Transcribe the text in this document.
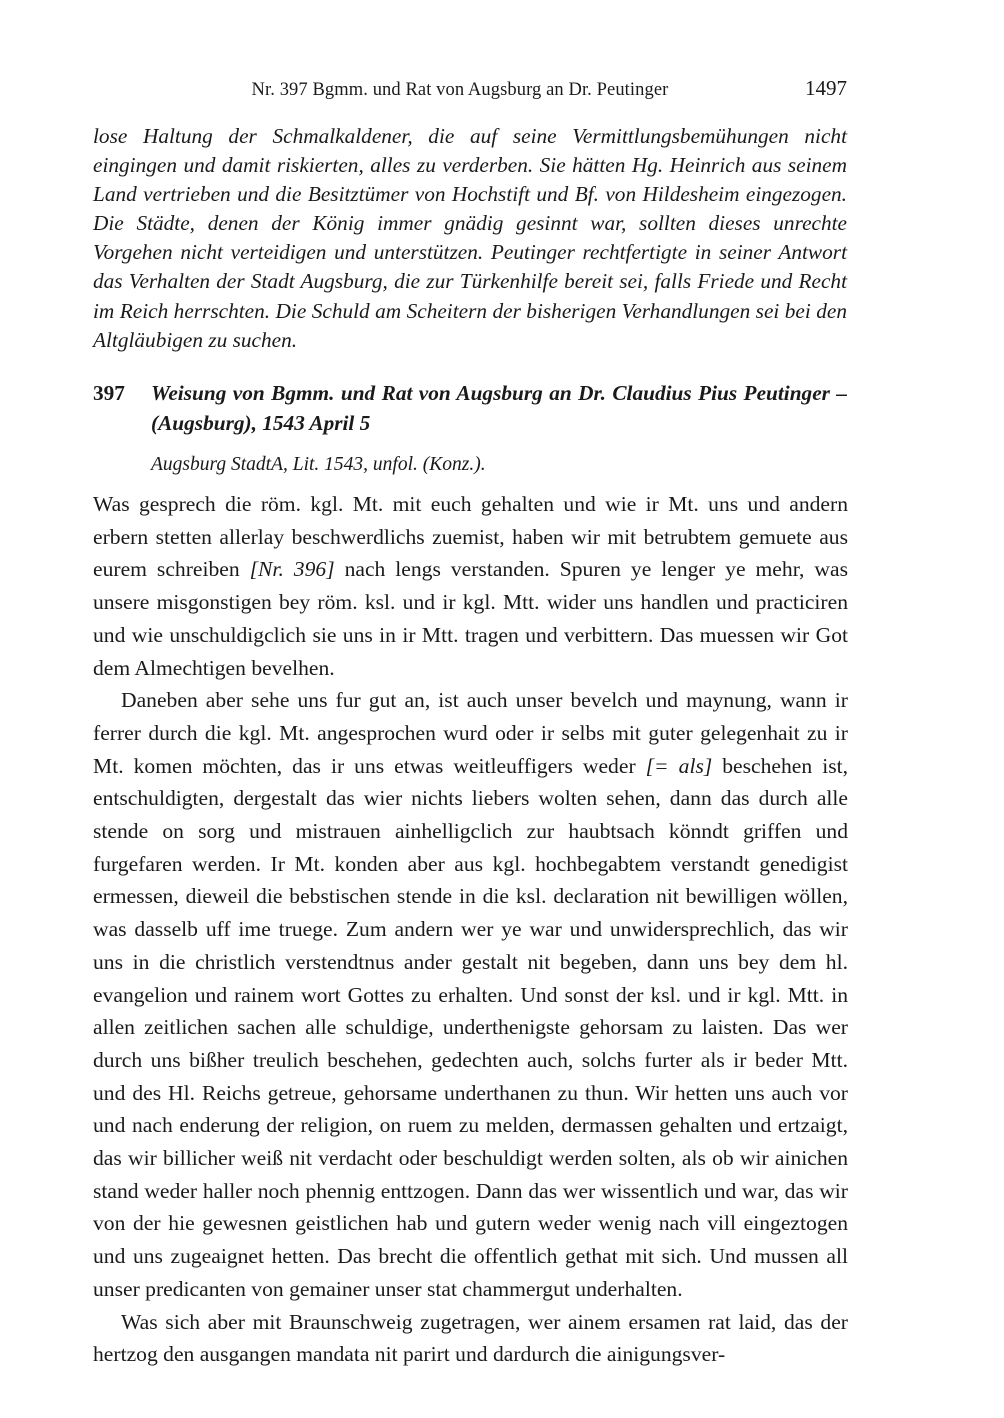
Nr. 397 Bgmm. und Rat von Augsburg an Dr. Peutinger	1497

lose Haltung der Schmalkaldener, die auf seine Vermittlungsbemühungen nicht eingingen und damit riskierten, alles zu verderben. Sie hätten Hg. Heinrich aus seinem Land vertrieben und die Besitztümer von Hochstift und Bf. von Hildesheim eingezogen. Die Städte, denen der König immer gnädig gesinnt war, sollten dieses unrechte Vorgehen nicht verteidigen und unterstützen. Peutinger rechtfertigte in seiner Antwort das Verhalten der Stadt Augsburg, die zur Türkenhilfe bereit sei, falls Friede und Recht im Reich herrschten. Die Schuld am Scheitern der bisherigen Verhandlungen sei bei den Altgläubigen zu suchen.

397	Weisung von Bgmm. und Rat von Augsburg an Dr. Claudius Pius Peutinger – (Augsburg), 1543 April 5
Augsburg StadtA, Lit. 1543, unfol. (Konz.).

Was gesprech die röm. kgl. Mt. mit euch gehalten und wie ir Mt. uns und andern erbern stetten allerlay beschwerdlichs zuemist, haben wir mit betrubtem gemuete aus eurem schreiben [Nr. 396] nach lengs verstanden. Spuren ye lenger ye mehr, was unsere misgonstigen bey röm. ksl. und ir kgl. Mtt. wider uns handlen und practiciren und wie unschuldigclich sie uns in ir Mtt. tragen und verbittern. Das muessen wir Got dem Almechtigen bevelhen.

Daneben aber sehe uns fur gut an, ist auch unser bevelch und maynung, wann ir ferrer durch die kgl. Mt. angesprochen wurd oder ir selbs mit guter gelegenhait zu ir Mt. komen möchten, das ir uns etwas weitleuffigers weder [= als] beschehen ist, entschuldigten, dergestalt das wier nichts liebers wolten sehen, dann das durch alle stende on sorg und mistrauen ainhelligclich zur haubtsach könndt griffen und furgefaren werden. Ir Mt. konden aber aus kgl. hochbegabtem verstandt genedigist ermessen, dieweil die bebstischen stende in die ksl. declaration nit bewilligen wöllen, was dasselb uff ime truege. Zum andern wer ye war und unwidersprechlich, das wir uns in die christlich verstendtnus ander gestalt nit begeben, dann uns bey dem hl. evangelion und rainem wort Gottes zu erhalten. Und sonst der ksl. und ir kgl. Mtt. in allen zeitlichen sachen alle schuldige, underthenigste gehorsam zu laisten. Das wer durch uns bißher treulich beschehen, gedechten auch, solchs furter als ir beder Mtt. und des Hl. Reichs getreue, gehorsame underthanen zu thun. Wir hetten uns auch vor und nach enderung der religion, on ruem zu melden, dermassen gehalten und ertzaigt, das wir billicher weiß nit verdacht oder beschuldigt werden solten, als ob wir ainichen stand weder haller noch phennig enttzogen. Dann das wer wissentlich und war, das wir von der hie gewesnen geistlichen hab und gutern weder wenig nach vill eingeztogen und uns zugeaignet hetten. Das brecht die offentlich gethat mit sich. Und mussen all unser predicanten von gemainer unser stat chammergut underhalten.

Was sich aber mit Braunschweig zugetragen, wer ainem ersamen rat laid, das der hertzog den ausgangen mandata nit parirt und dardurch die ainigungsver-
